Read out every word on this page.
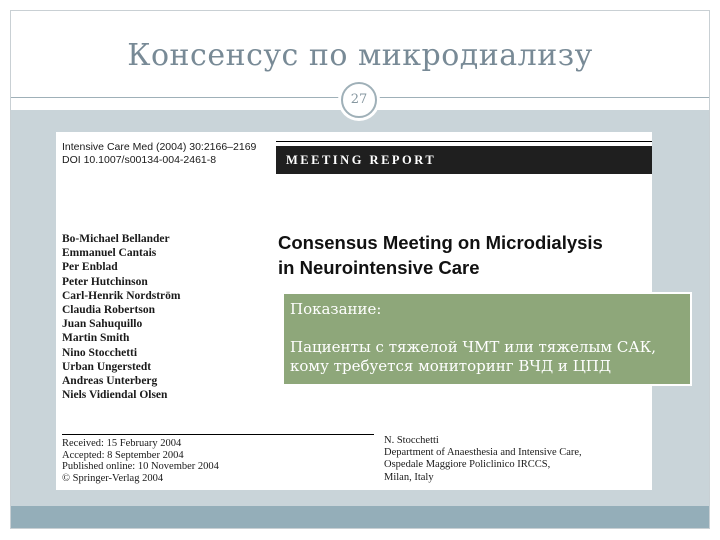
Консенсус по микродиализу
27
Intensive Care Med (2004) 30:2166–2169
DOI 10.1007/s00134-004-2461-8	MEETING REPORT
Consensus Meeting on Microdialysis
in Neurointensive Care
Bo-Michael Bellander
Emmanuel Cantais
Per Enblad
Peter Hutchinson
Carl-Henrik Nordström
Claudia Robertson
Juan Sahuquillo
Martin Smith
Nino Stocchetti
Urban Ungerstedt
Andreas Unterberg
Niels Vidiendal Olsen
Received: 15 February 2004
Accepted: 8 September 2004
Published online: 10 November 2004
© Springer-Verlag 2004
N. Stocchetti
Department of Anaesthesia and Intensive Care,
Ospedale Maggiore Policlinico IRCCS,
Milan, Italy
Показание:
Пациенты с тяжелой ЧМТ или тяжелым САК,
кому требуется мониторинг ВЧД и ЦПД
